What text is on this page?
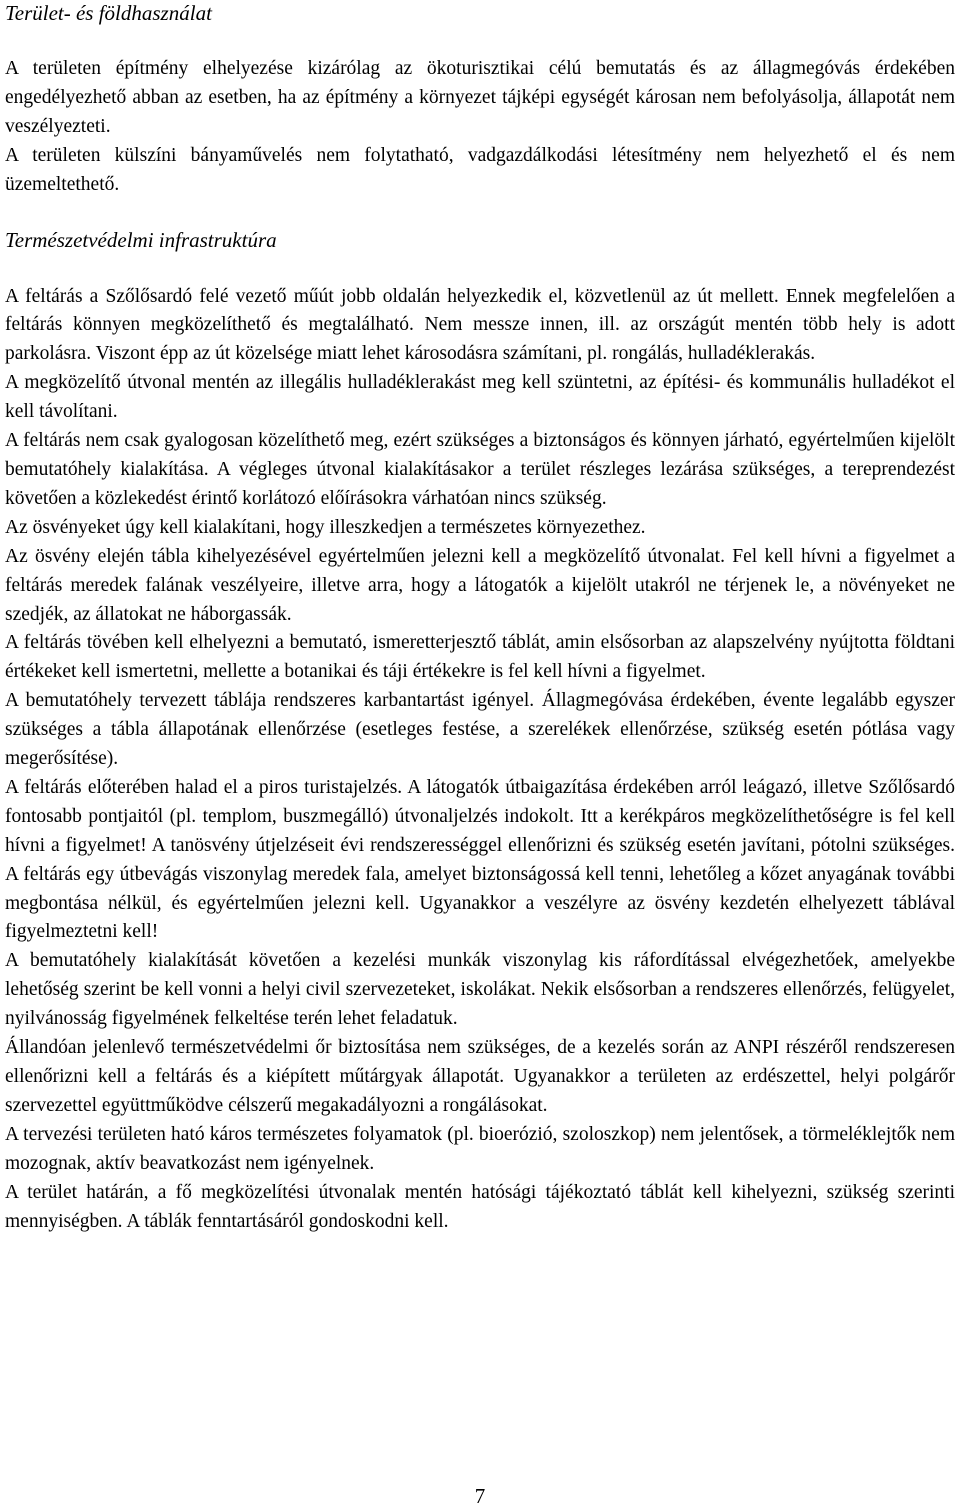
Terület- és földhasználat

A területen építmény elhelyezése kizárólag az ökoturisztikai célú bemutatás és az állagmegóvás érdekében engedélyezhető abban az esetben, ha az építmény a környezet tájképi egységét károsan nem befolyásolja, állapotát nem veszélyezteti.

A területen külszíni bányaművelés nem folytatható, vadgazdálkodási létesítmény nem helyezhető el és nem üzemeltethető.

Természetvédelmi infrastruktúra

A feltárás a Szőlősardó felé vezető műút jobb oldalán helyezkedik el, közvetlenül az út mellett. Ennek megfelelően a feltárás könnyen megközelíthető és megtalálható. Nem messze innen, ill. az országút mentén több hely is adott parkolásra. Viszont épp az út közelsége miatt lehet károsodásra számítani, pl. rongálás, hulladéklerakás.

A megközelítő útvonal mentén az illegális hulladéklerakást meg kell szüntetni, az építési- és kommunális hulladékot el kell távolítani.

A feltárás nem csak gyalogosan közelíthető meg, ezért szükséges a biztonságos és könnyen járható, egyértelműen kijelölt bemutatóhely kialakítása. A végleges útvonal kialakításakor a terület részleges lezárása szükséges, a tereprendezést követően a közlekedést érintő korlátozó előírásokra várhatóan nincs szükség.

Az ösvényeket úgy kell kialakítani, hogy illeszkedjen a természetes környezethez.

Az ösvény elején tábla kihelyezésével egyértelműen jelezni kell a megközelítő útvonalat. Fel kell hívni a figyelmet a feltárás meredek falának veszélyeire, illetve arra, hogy a látogatók a kijelölt utakról ne térjenek le, a növényeket ne szedjék, az állatokat ne háborgassák.

A feltárás tövében kell elhelyezni a bemutató, ismeretterjesztő táblát, amin elsősorban az alapszelvény nyújtotta földtani értékeket kell ismertetni, mellette a botanikai és táji értékekre is fel kell hívni a figyelmet.

A bemutatóhely tervezett táblája rendszeres karbantartást igényel. Állagmegóvása érdekében, évente legalább egyszer szükséges a tábla állapotának ellenőrzése (esetleges festése, a szerelékek ellenőrzése, szükség esetén pótlása vagy megerősítése).

A feltárás előterében halad el a piros turistajelzés. A látogatók útbaigazítása érdekében arról leágazó, illetve Szőlősardó fontosabb pontjaitól (pl. templom, buszmegálló) útvonaljelzés indokolt. Itt a kerékpáros megközelíthetőségre is fel kell hívni a figyelmet! A tanösvény útjelzéseit évi rendszerességgel ellenőrizni és szükség esetén javítani, pótolni szükséges. A feltárás egy útbevágás viszonylag meredek fala, amelyet biztonságossá kell tenni, lehetőleg a kőzet anyagának további megbontása nélkül, és egyértelműen jelezni kell. Ugyanakkor a veszélyre az ösvény kezdetén elhelyezett táblával figyelmeztetni kell!

A bemutatóhely kialakítását követően a kezelési munkák viszonylag kis ráfordítással elvégezhetőek, amelyekbe lehetőség szerint be kell vonni a helyi civil szervezeteket, iskolákat. Nekik elsősorban a rendszeres ellenőrzés, felügyelet, nyilvánosság figyelmének felkeltése terén lehet feladatuk.

Állandóan jelenlevő természetvédelmi őr biztosítása nem szükséges, de a kezelés során az ANPI részéről rendszeresen ellenőrizni kell a feltárás és a kiépített műtárgyak állapotát. Ugyanakkor a területen az erdészettel, helyi polgárőr szervezettel együttműködve célszerű megakadályozni a rongálásokat.

A tervezési területen ható káros természetes folyamatok (pl. bioerózió, szoloszkop) nem jelentősek, a törmeléklejtők nem mozognak, aktív beavatkozást nem igényelnek.

A terület határán, a fő megközelítési útvonalak mentén hatósági tájékoztató táblát kell kihelyezni, szükség szerinti mennyiségben. A táblák fenntartásáról gondoskodni kell.

7
